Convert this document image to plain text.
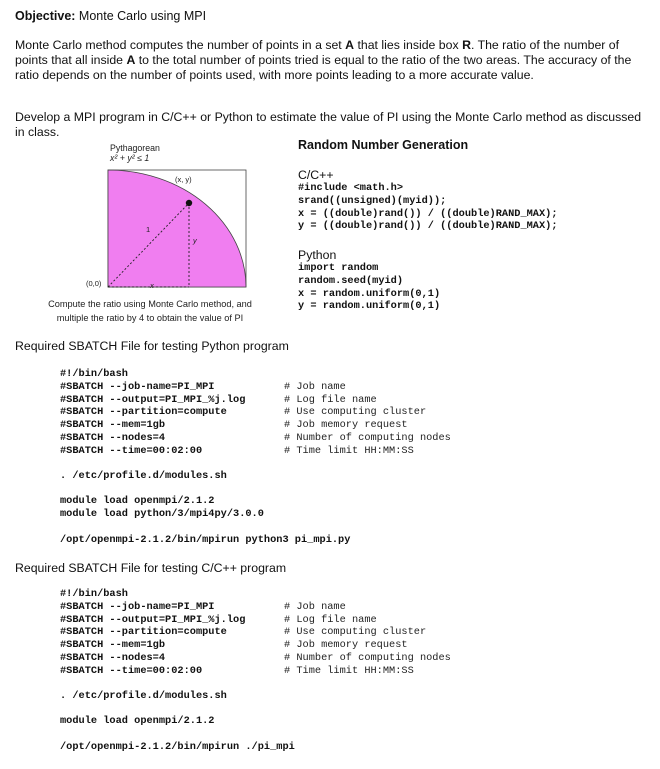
Objective: Monte Carlo using MPI
Monte Carlo method computes the number of points in a set A that lies inside box R. The ratio of the number of points that all inside A to the total number of points tried is equal to the ratio of the two areas. The accuracy of the ratio depends on the number of points used, with more points leading to a more accurate value.
Develop a MPI program in C/C++ or Python to estimate the value of PI using the Monte Carlo method as discussed in class.
Pythagorean
x² + y² ≤ 1
(x, y)
1
y
x
(0,0)
Compute the ratio using Monte Carlo method, and
multiple the ratio by 4 to obtain the value of PI
Random Number Generation
C/C++
#include <math.h>
srand((unsigned)(myid));
x = ((double)rand()) / ((double)RAND_MAX);
y = ((double)rand()) / ((double)RAND_MAX);
Python
import random
random.seed(myid)
x = random.uniform(0,1)
y = random.uniform(0,1)
Required SBATCH File for testing Python program
#!/bin/bash
#SBATCH --job-name=PI_MPI
#SBATCH --output=PI_MPI_%j.log
#SBATCH --partition=compute
#SBATCH --mem=1gb
#SBATCH --nodes=4
#SBATCH --time=00:02:00
# Job name
# Log file name
# Use computing cluster
# Job memory request
# Number of computing nodes
# Time limit HH:MM:SS
. /etc/profile.d/modules.sh
module load openmpi/2.1.2
module load python/3/mpi4py/3.0.0
/opt/openmpi-2.1.2/bin/mpirun python3 pi_mpi.py
Required SBATCH File for testing C/C++ program
#!/bin/bash
#SBATCH --job-name=PI_MPI
#SBATCH --output=PI_MPI_%j.log
#SBATCH --partition=compute
#SBATCH --mem=1gb
#SBATCH --nodes=4
#SBATCH --time=00:02:00
# Job name
# Log file name
# Use computing cluster
# Job memory request
# Number of computing nodes
# Time limit HH:MM:SS
. /etc/profile.d/modules.sh
module load openmpi/2.1.2
/opt/openmpi-2.1.2/bin/mpirun ./pi_mpi
